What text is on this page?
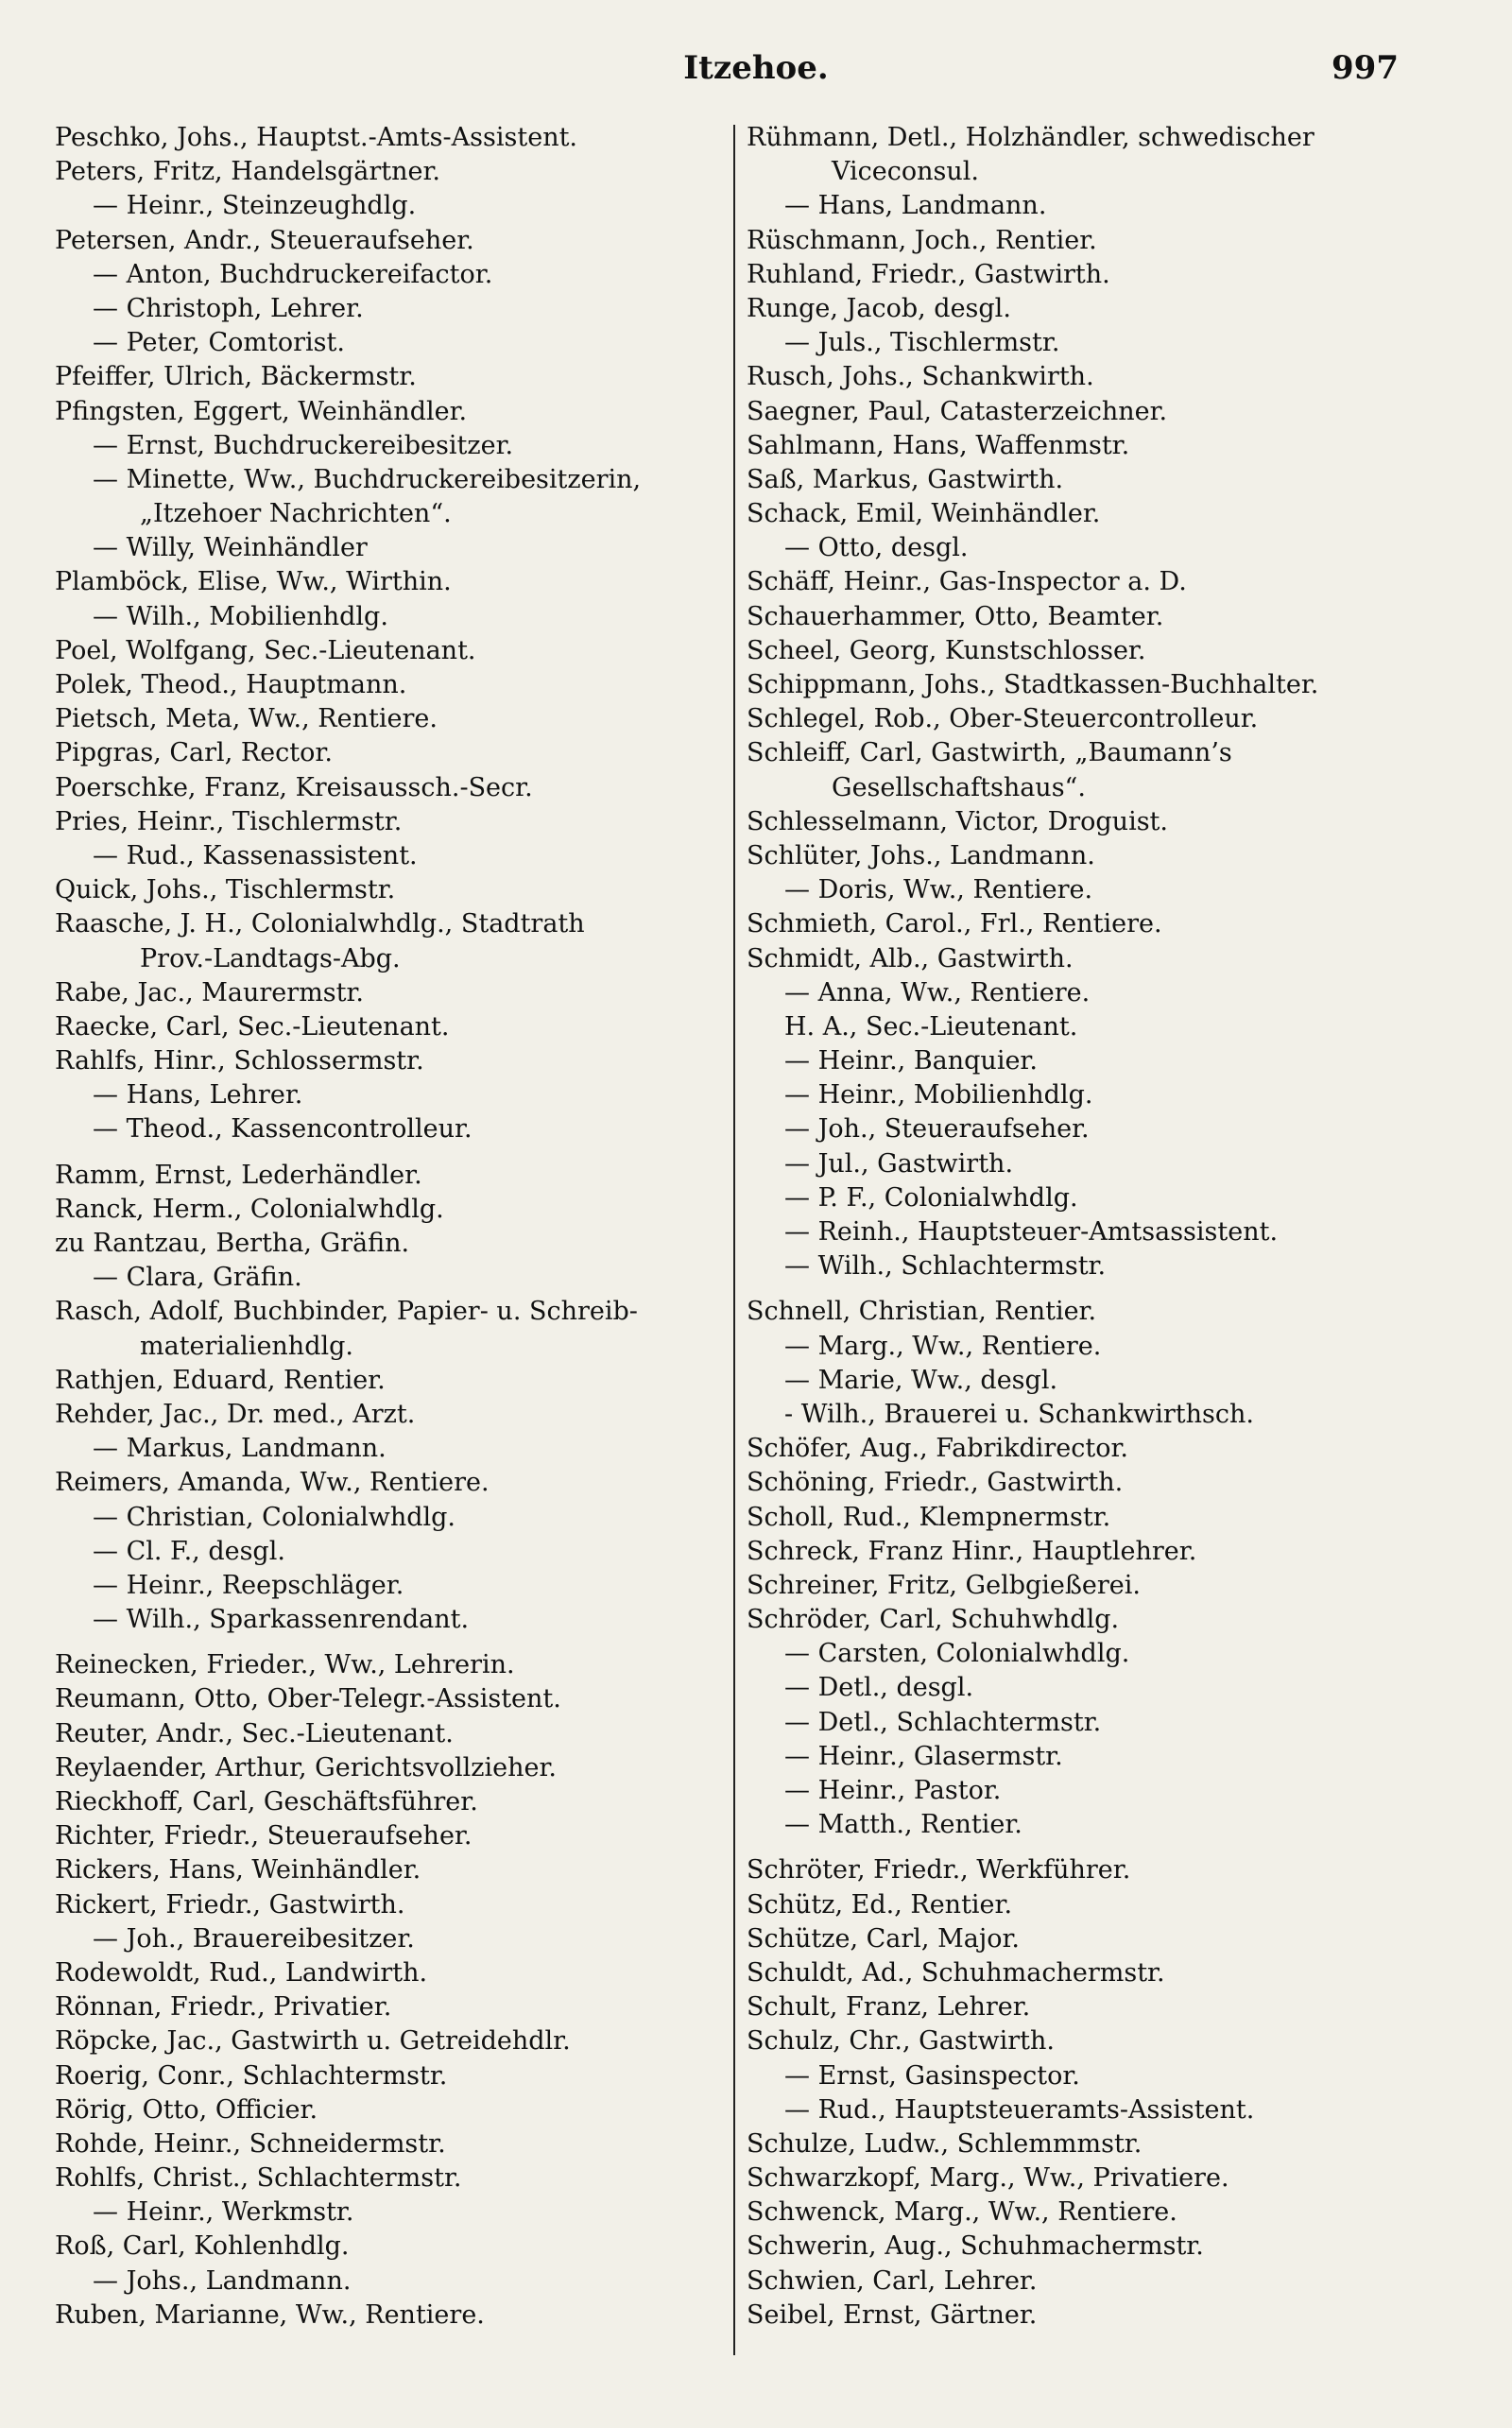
Itzehoe.	997
Peschko, Johs., Hauptst.-Amts-Assistent.
Peters, Fritz, Handelsgärtner.
— Heinr., Steinzeughdlg.
Petersen, Andr., Steueraufseher.
— Anton, Buchdruckereifactor.
— Christoph, Lehrer.
— Peter, Comtorist.
Pfeiffer, Ulrich, Bäckermstr.
Pfingsten, Eggert, Weinhändler.
— Ernst, Buchdruckereibesitzer.
— Minette, Ww., Buchdruckereibesitzerin,
„Itzehoer Nachrichten“.
— Willy, Weinhändler
Plamböck, Elise, Ww., Wirthin.
— Wilh., Mobilienhdlg.
Poel, Wolfgang, Sec.-Lieutenant.
Polek, Theod., Hauptmann.
Pietsch, Meta, Ww., Rentiere.
Pipgras, Carl, Rector.
Poerschke, Franz, Kreisaussch.-Secr.
Pries, Heinr., Tischlermstr.
— Rud., Kassenassistent.
Quick, Johs., Tischlermstr.
Raasche, J. H., Colonialwhdlg., Stadtrath
Prov.-Landtags-Abg.
Rabe, Jac., Maurermstr.
Raecke, Carl, Sec.-Lieutenant.
Rahlfs, Hinr., Schlossermstr.
— Hans, Lehrer.
— Theod., Kassencontrolleur.
Ramm, Ernst, Lederhändler.
Ranck, Herm., Colonialwhdlg.
zu Rantzau, Bertha, Gräfin.
— Clara, Gräfin.
Rasch, Adolf, Buchbinder, Papier- u. Schreib-
materialienhdlg.
Rathjen, Eduard, Rentier.
Rehder, Jac., Dr. med., Arzt.
— Markus, Landmann.
Reimers, Amanda, Ww., Rentiere.
— Christian, Colonialwhdlg.
— Cl. F., desgl.
— Heinr., Reepschläger.
— Wilh., Sparkassenrendant.
Reinecken, Frieder., Ww., Lehrerin.
Reumann, Otto, Ober-Telegr.-Assistent.
Reuter, Andr., Sec.-Lieutenant.
Reylaender, Arthur, Gerichtsvollzieher.
Rieckhoff, Carl, Geschäftsführer.
Richter, Friedr., Steueraufseher.
Rickers, Hans, Weinhändler.
Rickert, Friedr., Gastwirth.
— Joh., Brauereibesitzer.
Rodewoldt, Rud., Landwirth.
Rönnan, Friedr., Privatier.
Röpcke, Jac., Gastwirth u. Getreidehdlr.
Roerig, Conr., Schlachtermstr.
Rörig, Otto, Officier.
Rohde, Heinr., Schneidermstr.
Rohlfs, Christ., Schlachtermstr.
— Heinr., Werkmstr.
Roß, Carl, Kohlenhdlg.
— Johs., Landmann.
Ruben, Marianne, Ww., Rentiere.
Rühmann, Detl., Holzhändler, schwedischer
Viceconsul.
— Hans, Landmann.
Rüschmann, Joch., Rentier.
Ruhland, Friedr., Gastwirth.
Runge, Jacob, desgl.
— Juls., Tischlermstr.
Rusch, Johs., Schankwirth.
Saegner, Paul, Catasterzeichner.
Sahlmann, Hans, Waffenmstr.
Saß, Markus, Gastwirth.
Schack, Emil, Weinhändler.
— Otto, desgl.
Schäff, Heinr., Gas-Inspector a. D.
Schauerhammer, Otto, Beamter.
Scheel, Georg, Kunstschlosser.
Schippmann, Johs., Stadtkassen-Buchhalter.
Schlegel, Rob., Ober-Steuercontrolleur.
Schleiff, Carl, Gastwirth, „Baumann’s
Gesellschaftshaus“.
Schlesselmann, Victor, Droguist.
Schlüter, Johs., Landmann.
— Doris, Ww., Rentiere.
Schmieth, Carol., Frl., Rentiere.
Schmidt, Alb., Gastwirth.
— Anna, Ww., Rentiere.
H. A., Sec.-Lieutenant.
— Heinr., Banquier.
— Heinr., Mobilienhdlg.
— Joh., Steueraufseher.
— Jul., Gastwirth.
— P. F., Colonialwhdlg.
— Reinh., Hauptsteuer-Amtsassistent.
— Wilh., Schlachtermstr.
Schnell, Christian, Rentier.
— Marg., Ww., Rentiere.
— Marie, Ww., desgl.
- Wilh., Brauerei u. Schankwirthsch.
Schöfer, Aug., Fabrikdirector.
Schöning, Friedr., Gastwirth.
Scholl, Rud., Klempnermstr.
Schreck, Franz Hinr., Hauptlehrer.
Schreiner, Fritz, Gelbgießerei.
Schröder, Carl, Schuhwhdlg.
— Carsten, Colonialwhdlg.
— Detl., desgl.
— Detl., Schlachtermstr.
— Heinr., Glasermstr.
— Heinr., Pastor.
— Matth., Rentier.
Schröter, Friedr., Werkführer.
Schütz, Ed., Rentier.
Schütze, Carl, Major.
Schuldt, Ad., Schuhmachermstr.
Schult, Franz, Lehrer.
Schulz, Chr., Gastwirth.
— Ernst, Gasinspector.
— Rud., Hauptsteueramts-Assistent.
Schulze, Ludw., Schlemmmstr.
Schwarzkopf, Marg., Ww., Privatiere.
Schwenck, Marg., Ww., Rentiere.
Schwerin, Aug., Schuhmachermstr.
Schwien, Carl, Lehrer.
Seibel, Ernst, Gärtner.
